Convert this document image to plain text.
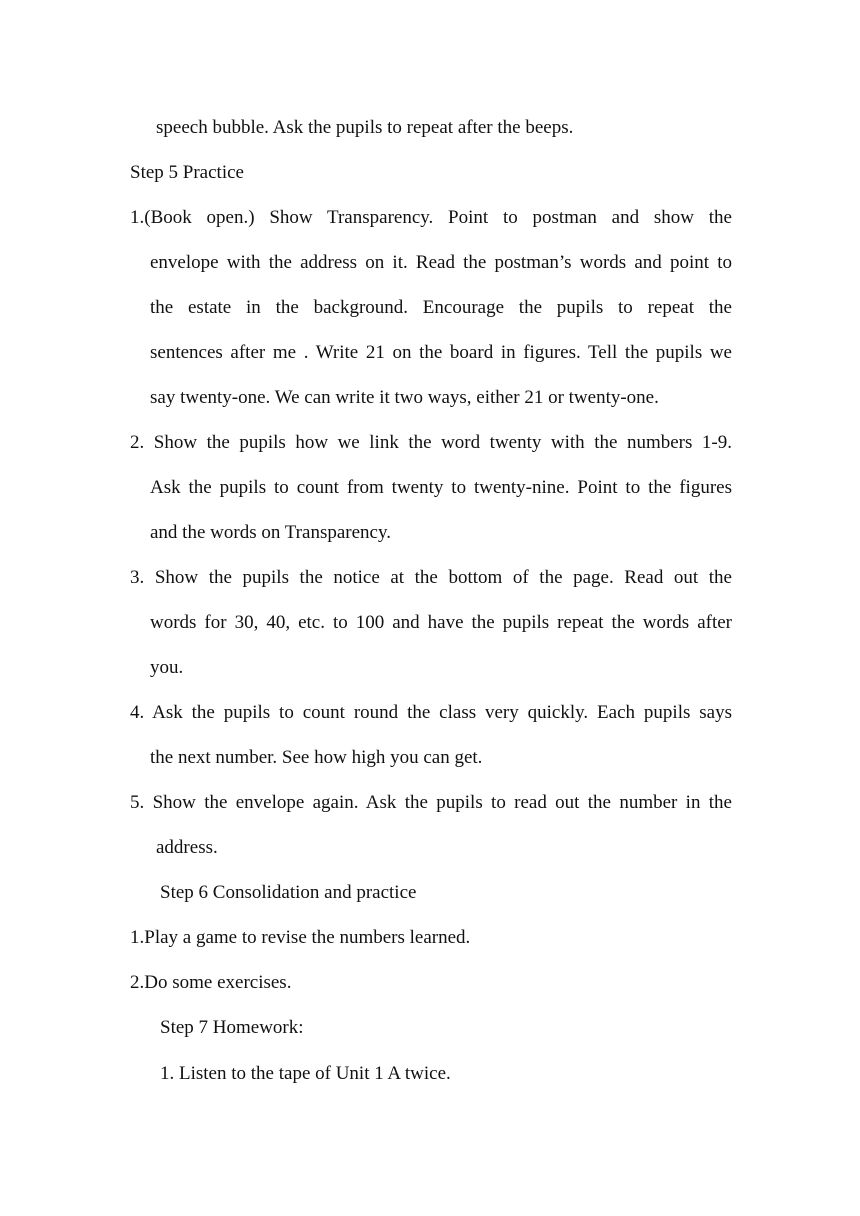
speech bubble. Ask the pupils to repeat after the beeps.
Step 5 Practice
1.(Book open.) Show Transparency. Point to postman and show the
envelope with the address on it. Read the postman’s words and point to
the estate in the background. Encourage the pupils to repeat the
sentences after me . Write 21 on the board in figures. Tell the pupils we
say twenty-one. We can write it two ways, either 21 or twenty-one.
2. Show the pupils how we link the word twenty with the numbers 1-9.
Ask the pupils to count from twenty to twenty-nine. Point to the figures
and the words on Transparency.
3. Show the pupils the notice at the bottom of the page. Read out the
words for 30, 40, etc. to 100 and have the pupils repeat the words after
you.
4. Ask the pupils to count round the class very quickly. Each pupils says
the next number. See how high you can get.
5. Show the envelope again. Ask the pupils to read out the number in the
address.
Step 6 Consolidation and practice
1.Play a game to revise the numbers learned.
2.Do some exercises.
Step 7 Homework:
1. Listen to the tape of Unit 1 A twice.
